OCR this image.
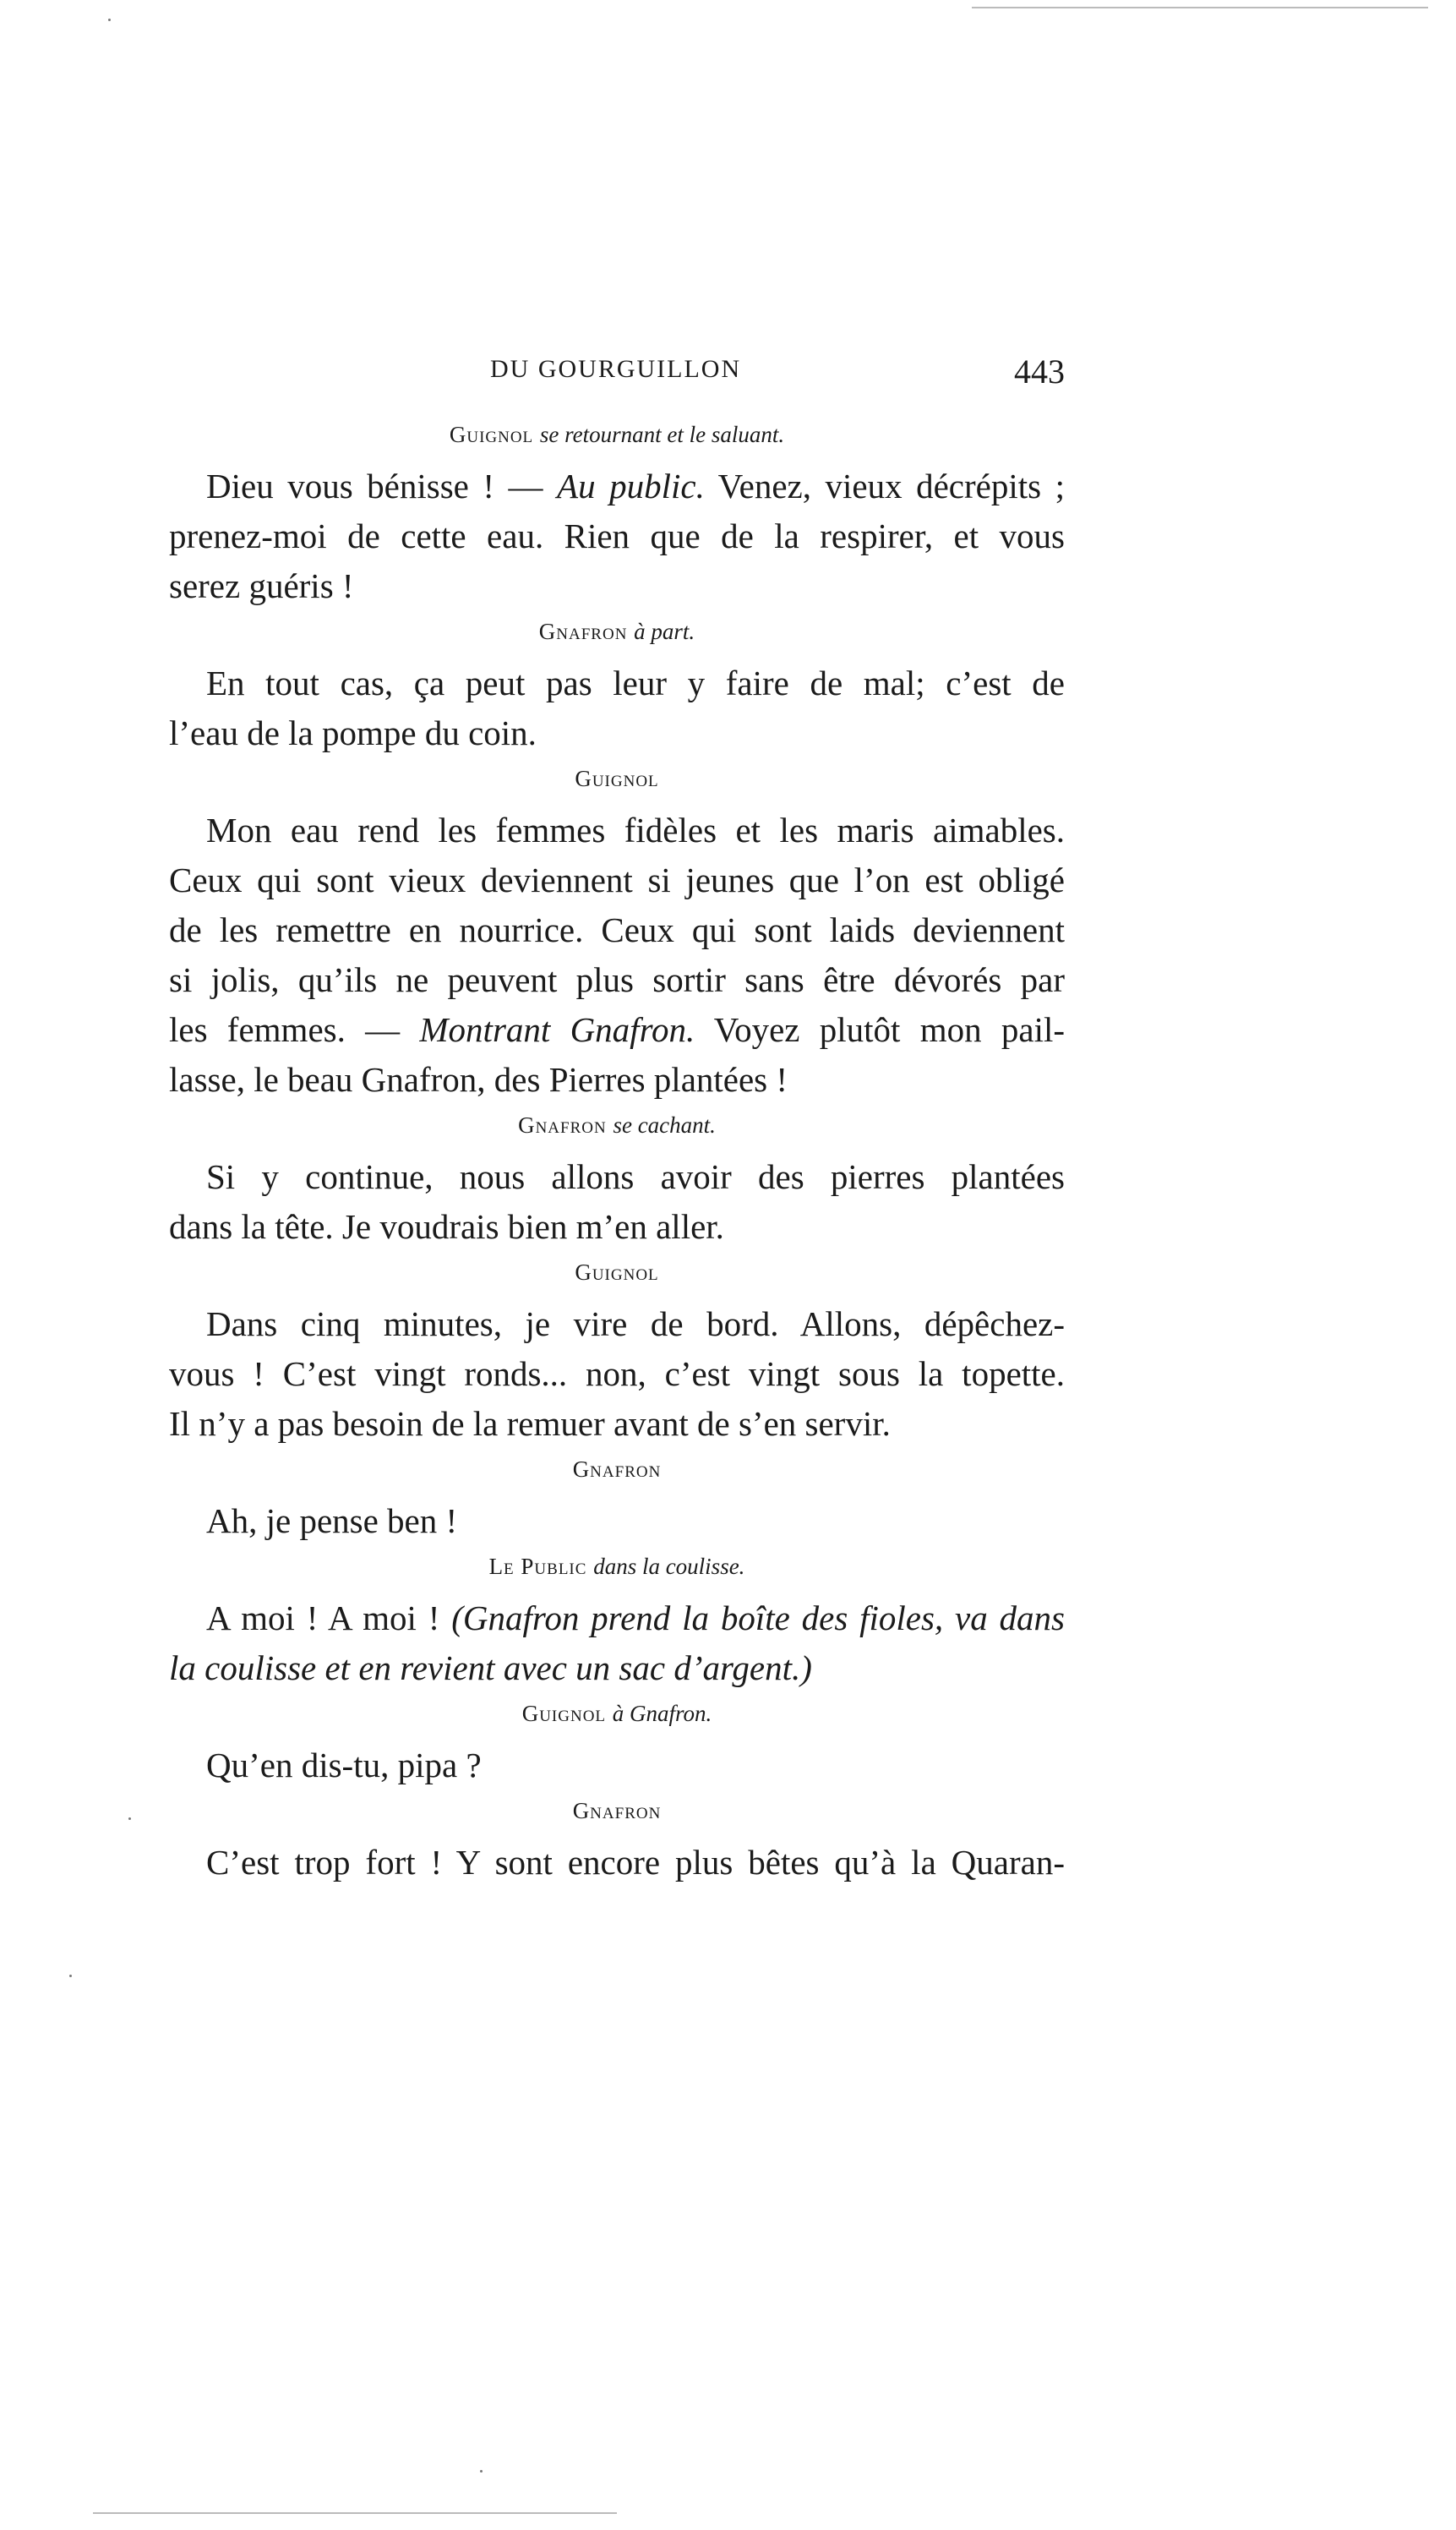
DU GOURGUILLON	443
Guignol se retournant et le saluant.
Dieu vous bénisse ! — Au public. Venez, vieux décrépits ;
prenez-moi de cette eau. Rien que de la respirer, et vous
serez guéris !
Gnafron à part.
En tout cas, ça peut pas leur y faire de mal; c’est de
l’eau de la pompe du coin.
Guignol
Mon eau rend les femmes fidèles et les maris aimables.
Ceux qui sont vieux deviennent si jeunes que l’on est obligé
de les remettre en nourrice. Ceux qui sont laids deviennent
si jolis, qu’ils ne peuvent plus sortir sans être dévorés par
les femmes. — Montrant Gnafron. Voyez plutôt mon pail-
lasse, le beau Gnafron, des Pierres plantées !
Gnafron se cachant.
Si y continue, nous allons avoir des pierres plantées
dans la tête. Je voudrais bien m’en aller.
Guignol
Dans cinq minutes, je vire de bord. Allons, dépêchez-
vous ! C’est vingt ronds... non, c’est vingt sous la topette.
Il n’y a pas besoin de la remuer avant de s’en servir.
Gnafron
Ah, je pense ben !
Le Public dans la coulisse.
A moi ! A moi ! (Gnafron prend la boîte des fioles, va dans
la coulisse et en revient avec un sac d’argent.)
Guignol à Gnafron.
Qu’en dis-tu, pipa ?
Gnafron
C’est trop fort ! Y sont encore plus bêtes qu’à la Quaran-
